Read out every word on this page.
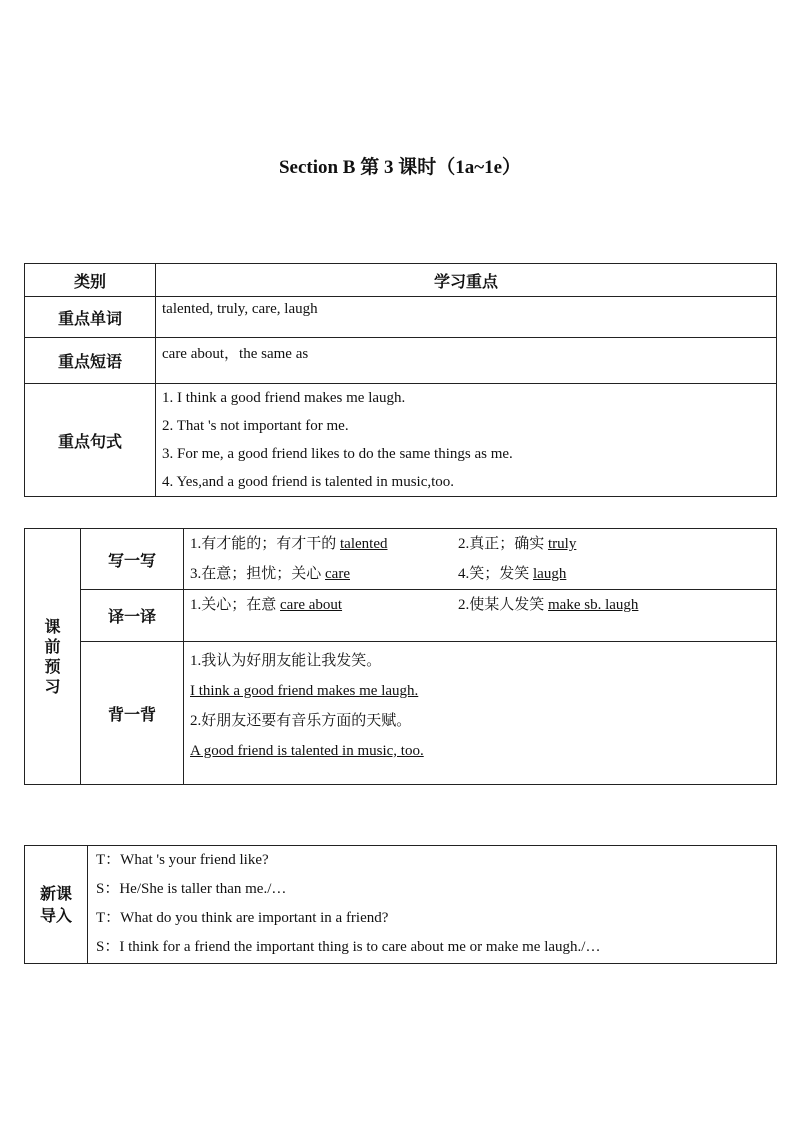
Section B 第 3 课时（1a~1e）
类别	学习重点
重点单词	talented, truly, care, laugh
重点短语	care about，the same as
重点句式	1. I think a good friend makes me laugh.
2. That 's not important for me.
3. For me, a good friend likes to do the same things as me.
4. Yes,and a good friend is talented in music,too.
课前预习	写一写	1.有才能的；有才干的 talented 2.真正；确实 truly
3.在意；担忧；关心 care 4.笑；发笑 laugh

	译一译	1.关心；在意 care about 2.使某人发笑 make sb. laugh

	背一背	1.我认为好朋友能让我发笑。
I think a good friend makes me laugh.
2.好朋友还要有音乐方面的天赋。
A good friend is talented in music, too.
新课导入

T：What 's your friend like?
S：He/She is taller than me./…
T：What do you think are important in a friend?
S：I think for a friend the important thing is to care about me or make me laugh./…
